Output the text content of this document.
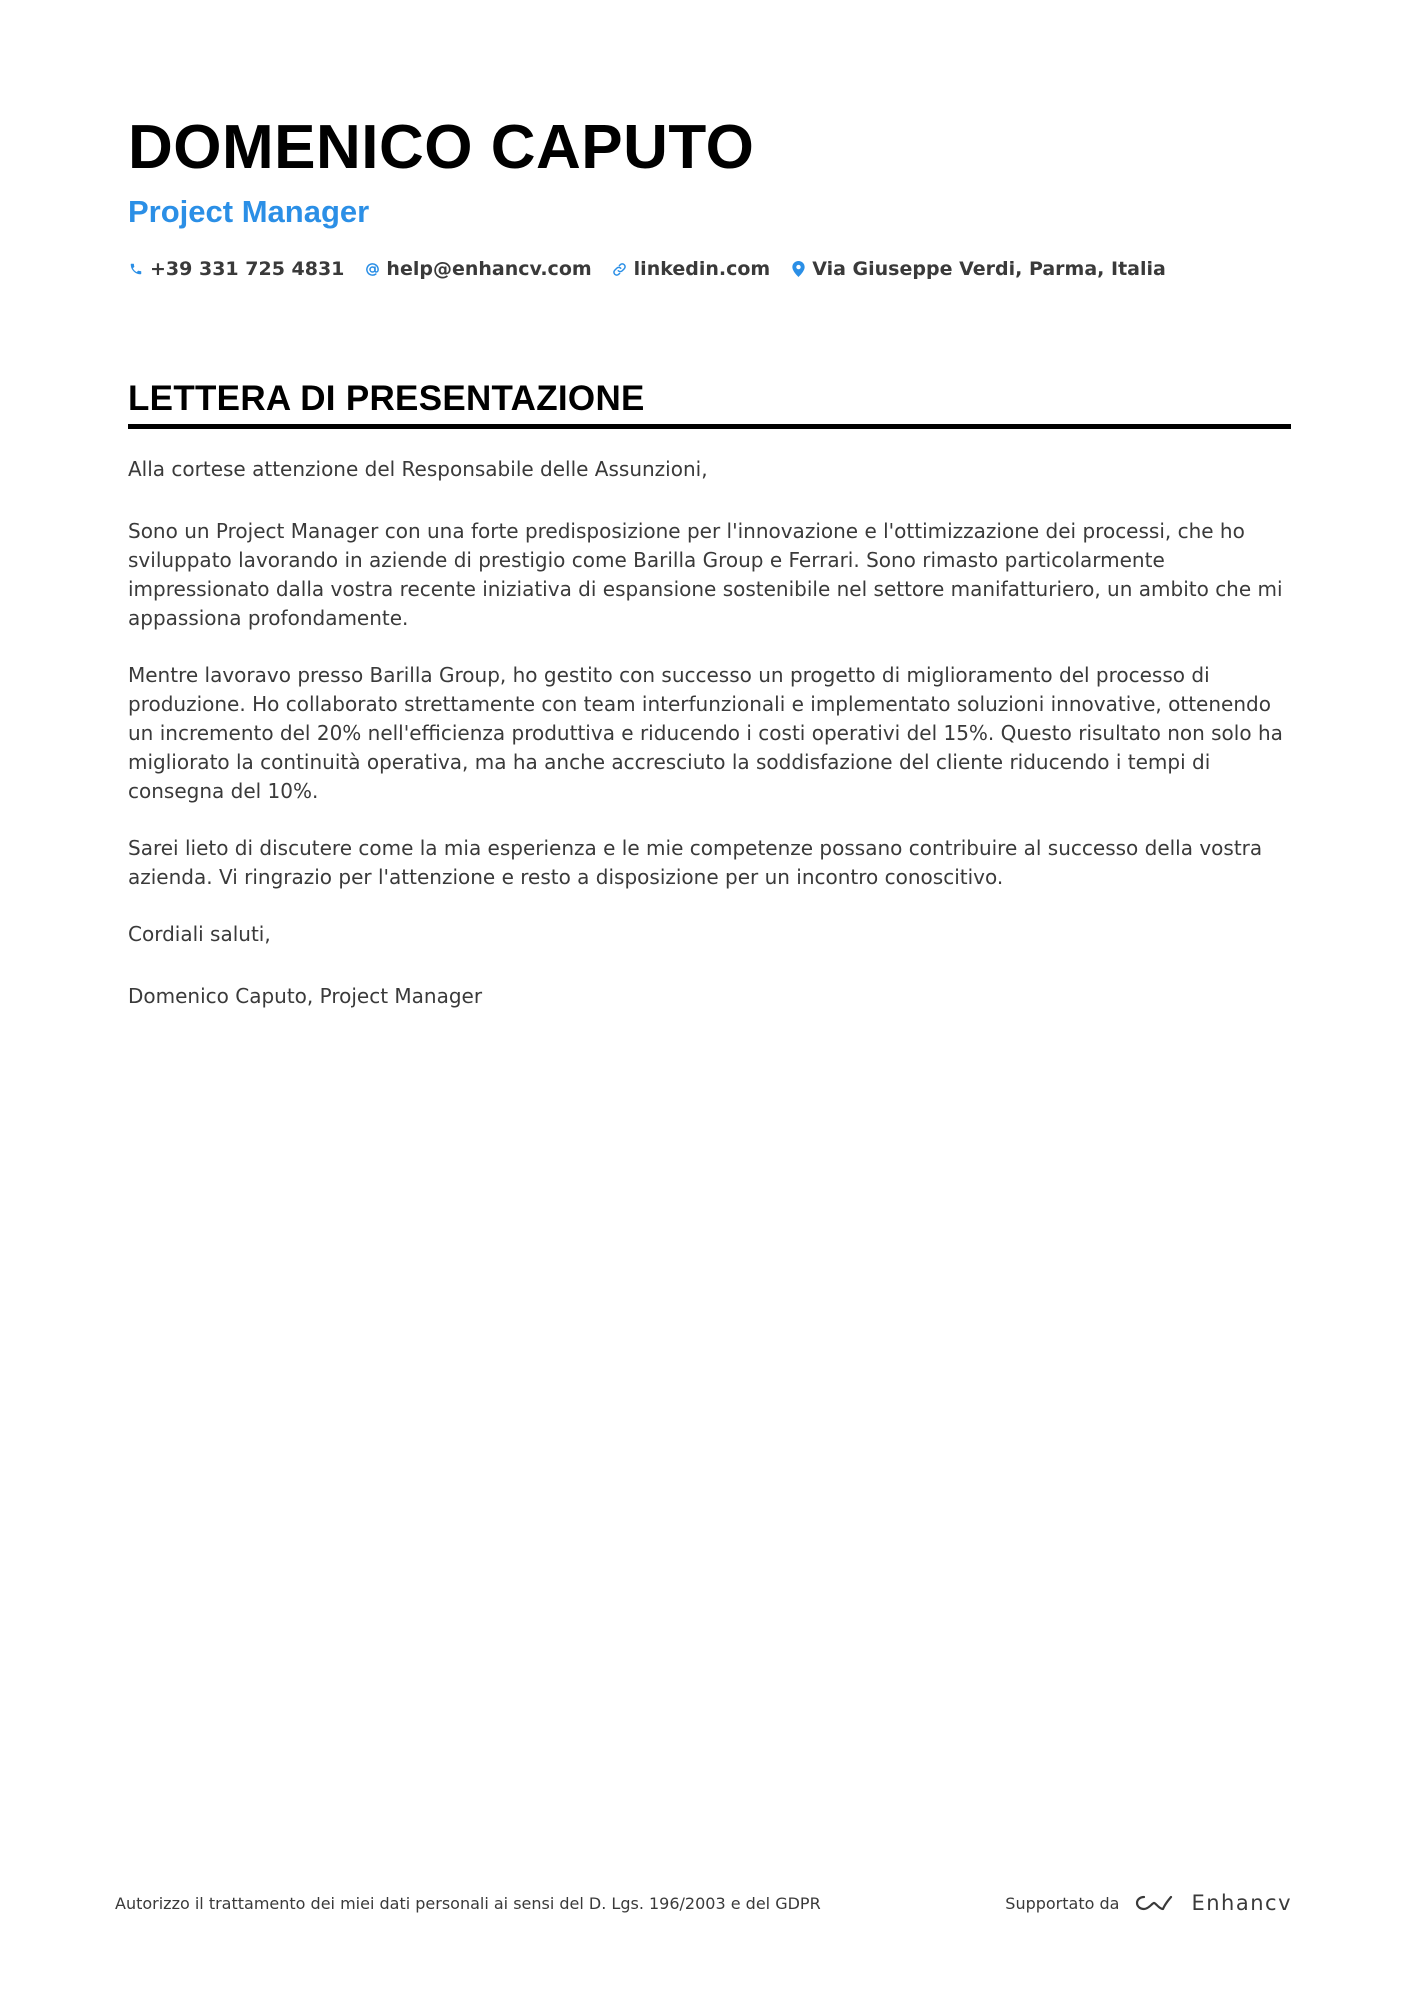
DOMENICO CAPUTO
Project Manager
+39 331 725 4831 help@enhancv.com linkedin.com Via Giuseppe Verdi, Parma, Italia
LETTERA DI PRESENTAZIONE

Alla cortese attenzione del Responsabile delle Assunzioni,

Sono un Project Manager con una forte predisposizione per l'innovazione e l'ottimizzazione dei processi, che ho sviluppato lavorando in aziende di prestigio come Barilla Group e Ferrari. Sono rimasto particolarmente impressionato dalla vostra recente iniziativa di espansione sostenibile nel settore manifatturiero, un ambito che mi appassiona profondamente.

Mentre lavoravo presso Barilla Group, ho gestito con successo un progetto di miglioramento del processo di produzione. Ho collaborato strettamente con team interfunzionali e implementato soluzioni innovative, ottenendo un incremento del 20% nell'efficienza produttiva e riducendo i costi operativi del 15%. Questo risultato non solo ha migliorato la continuità operativa, ma ha anche accresciuto la soddisfazione del cliente riducendo i tempi di consegna del 10%.

Sarei lieto di discutere come la mia esperienza e le mie competenze possano contribuire al successo della vostra azienda. Vi ringrazio per l'attenzione e resto a disposizione per un incontro conoscitivo.

Cordiali saluti,

Domenico Caputo, Project Manager

Autorizzo il trattamento dei miei dati personali ai sensi del D. Lgs. 196/2003 e del GDPR	Supportato da	Enhancv
